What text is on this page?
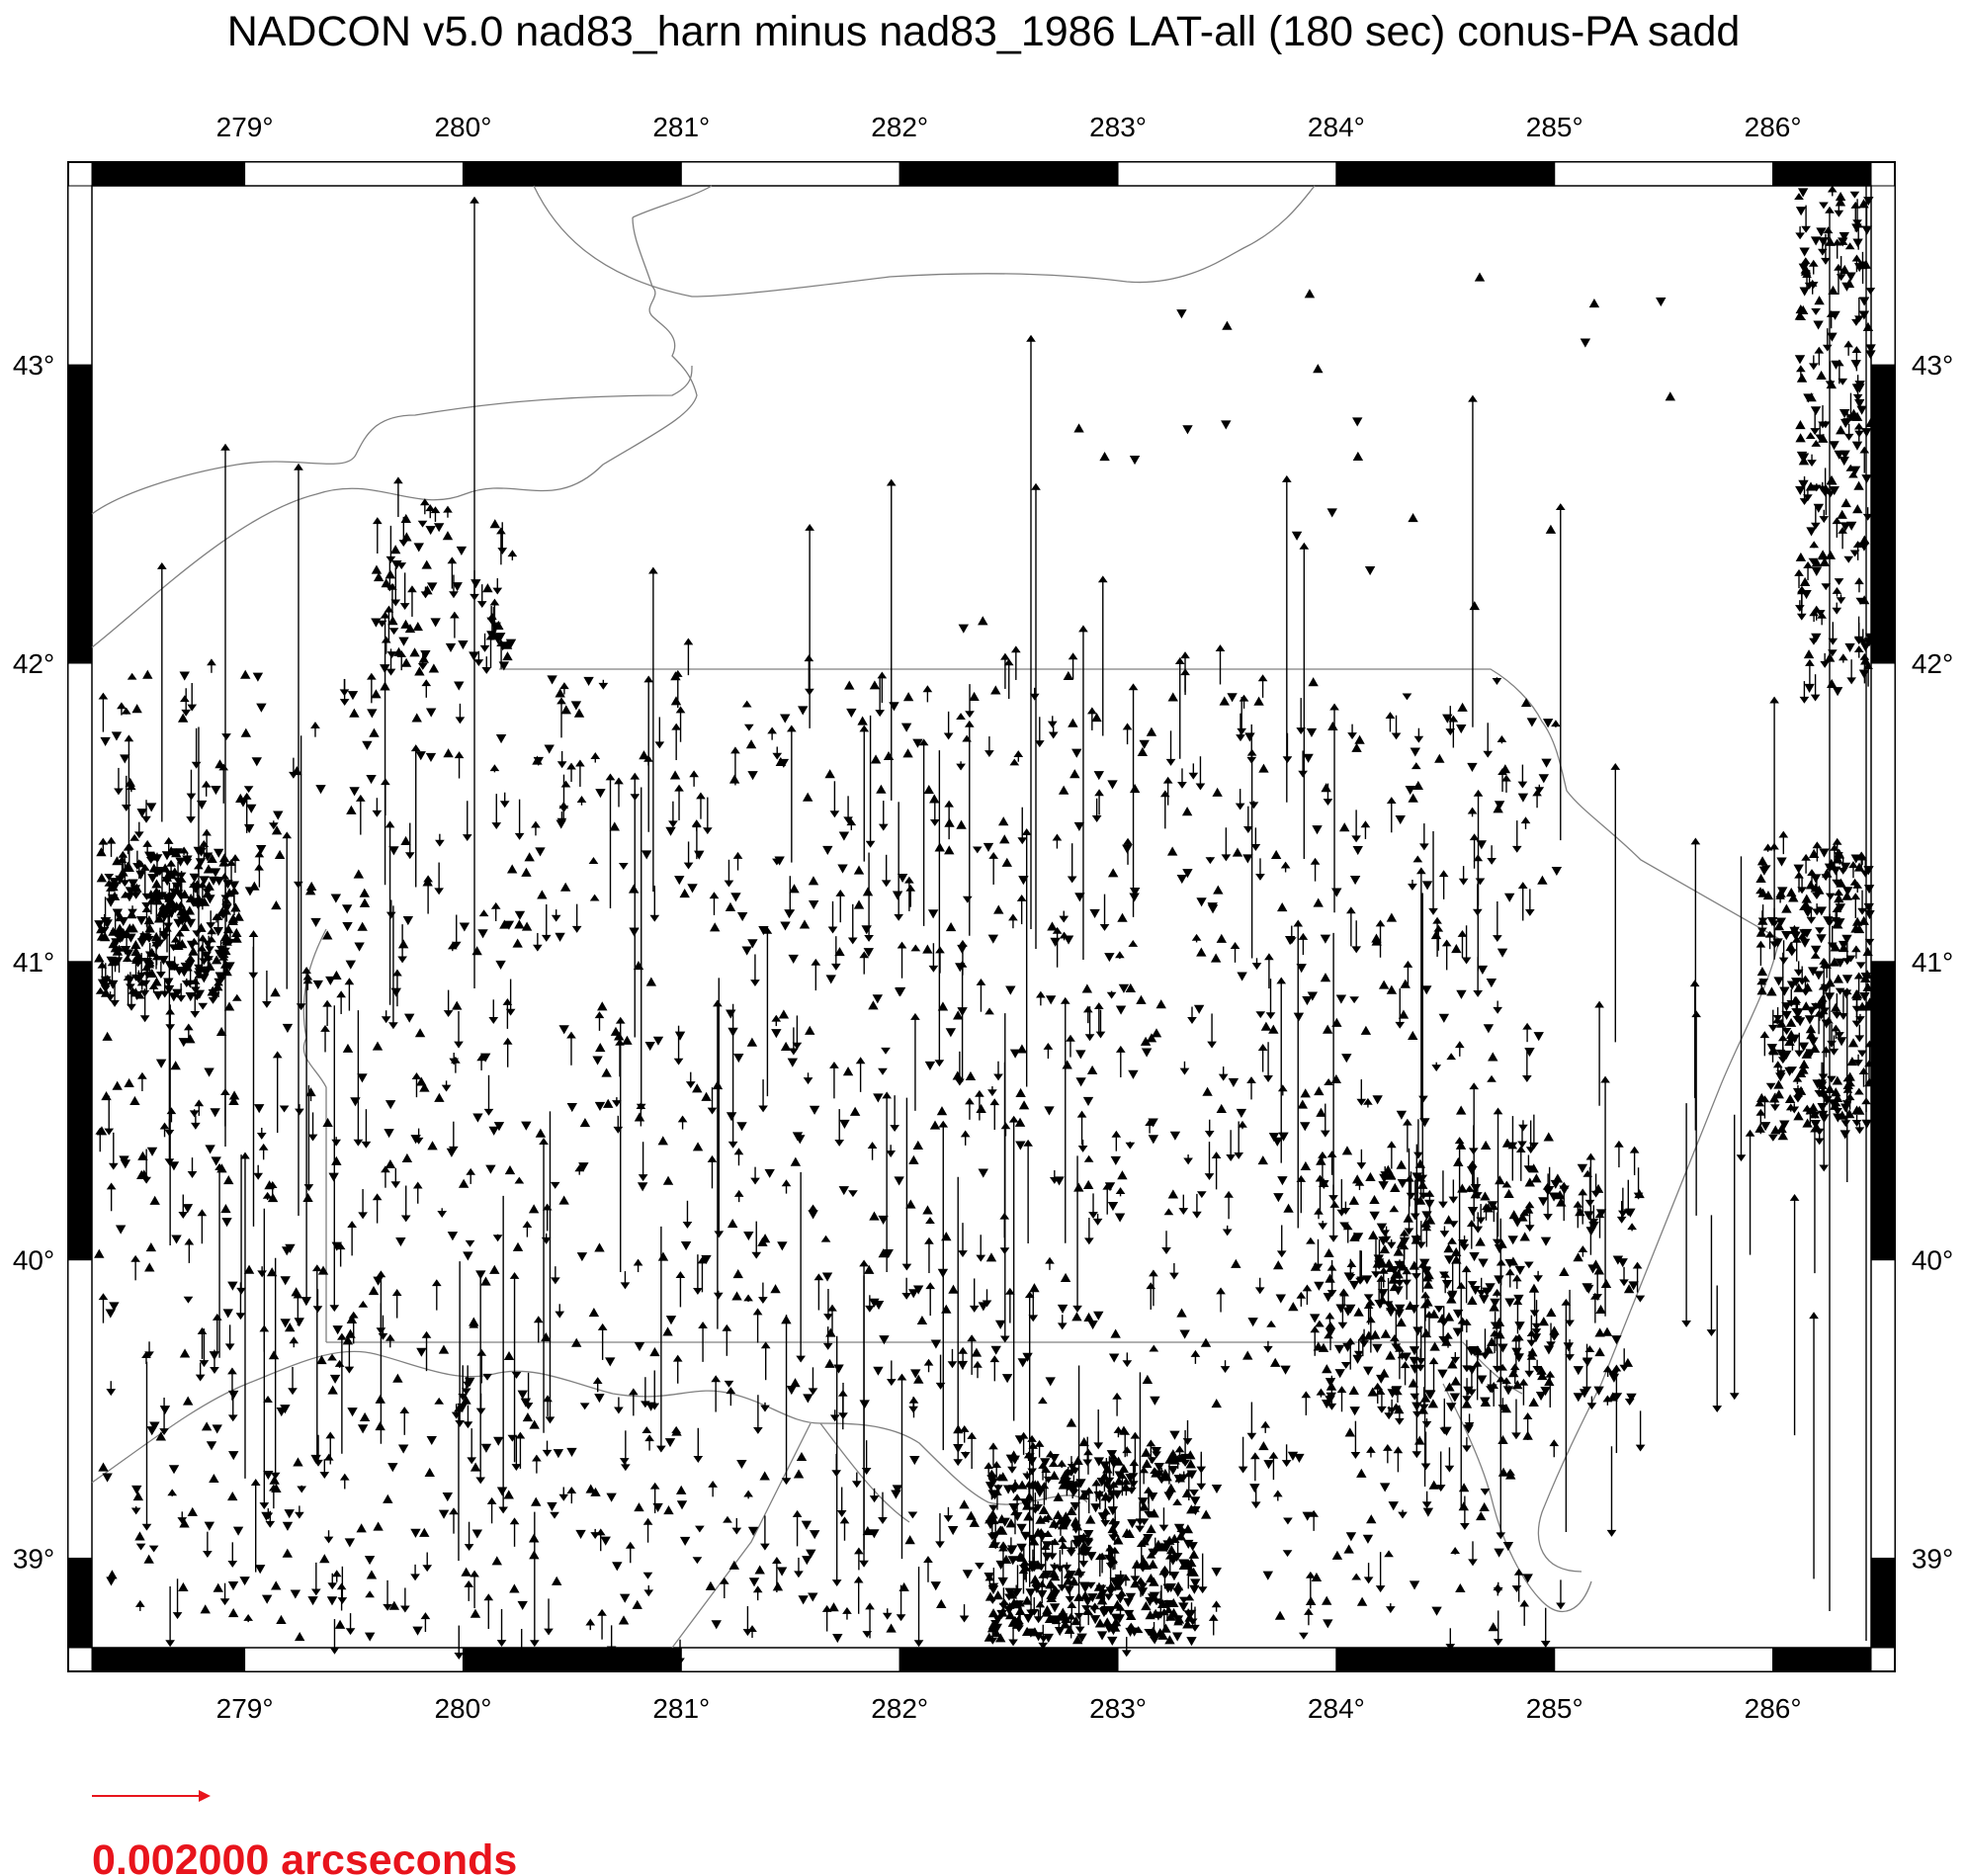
NADCON v5.0 nad83_harn minus nad83_1986 LAT-all (180 sec) conus-PA sadd
279°
279°
280°
280°
281°
281°
282°
282°
283°
283°
284°
284°
285°
285°
286°
286°
39°	39°
40°	40°
41°	41°
42°	42°
43°	43°
0.002000 arcseconds
